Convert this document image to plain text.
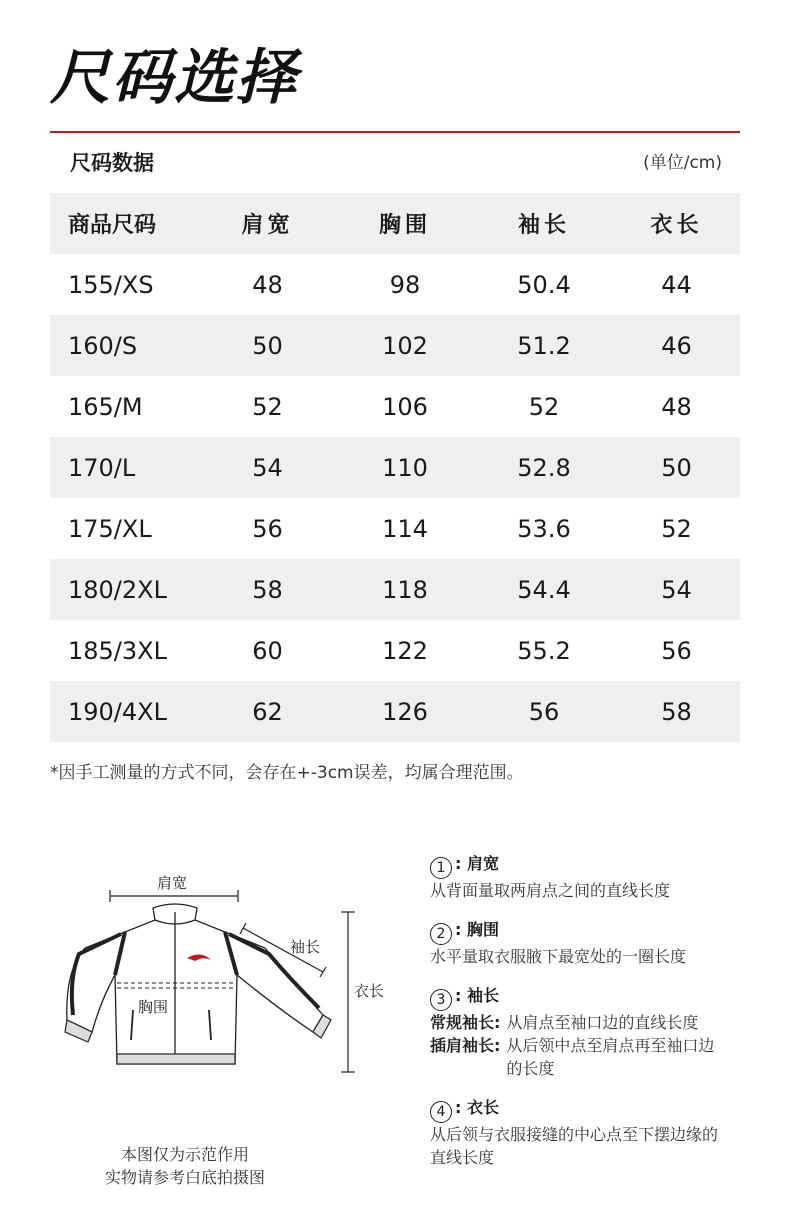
尺码选择
尺码数据	(单位/cm)
商品尺码	肩宽	胸围	袖长	衣长
155/XS	48	98	50.4	44
160/S	50	102	51.2	46
165/M	52	106	52	48
170/L	54	110	52.8	50
175/XL	56	114	53.6	52
180/2XL	58	118	54.4	54
185/3XL	60	122	55.2	56
190/4XL	62	126	56	58
*因手工测量的方式不同，会存在+-3cm误差，均属合理范围。
肩宽
袖长
衣长
胸围
本图仅为示范作用
实物请参考白底拍摄图
1 : 肩宽
从背面量取两肩点之间的直线长度
2 : 胸围
水平量取衣服腋下最宽处的一圈长度
3 : 袖长
常规袖长: 从肩点至袖口边的直线长度
插肩袖长: 从后领中点至肩点再至袖口边的长度
4 : 衣长
从后领与衣服接缝的中心点至下摆边缘的直线长度
